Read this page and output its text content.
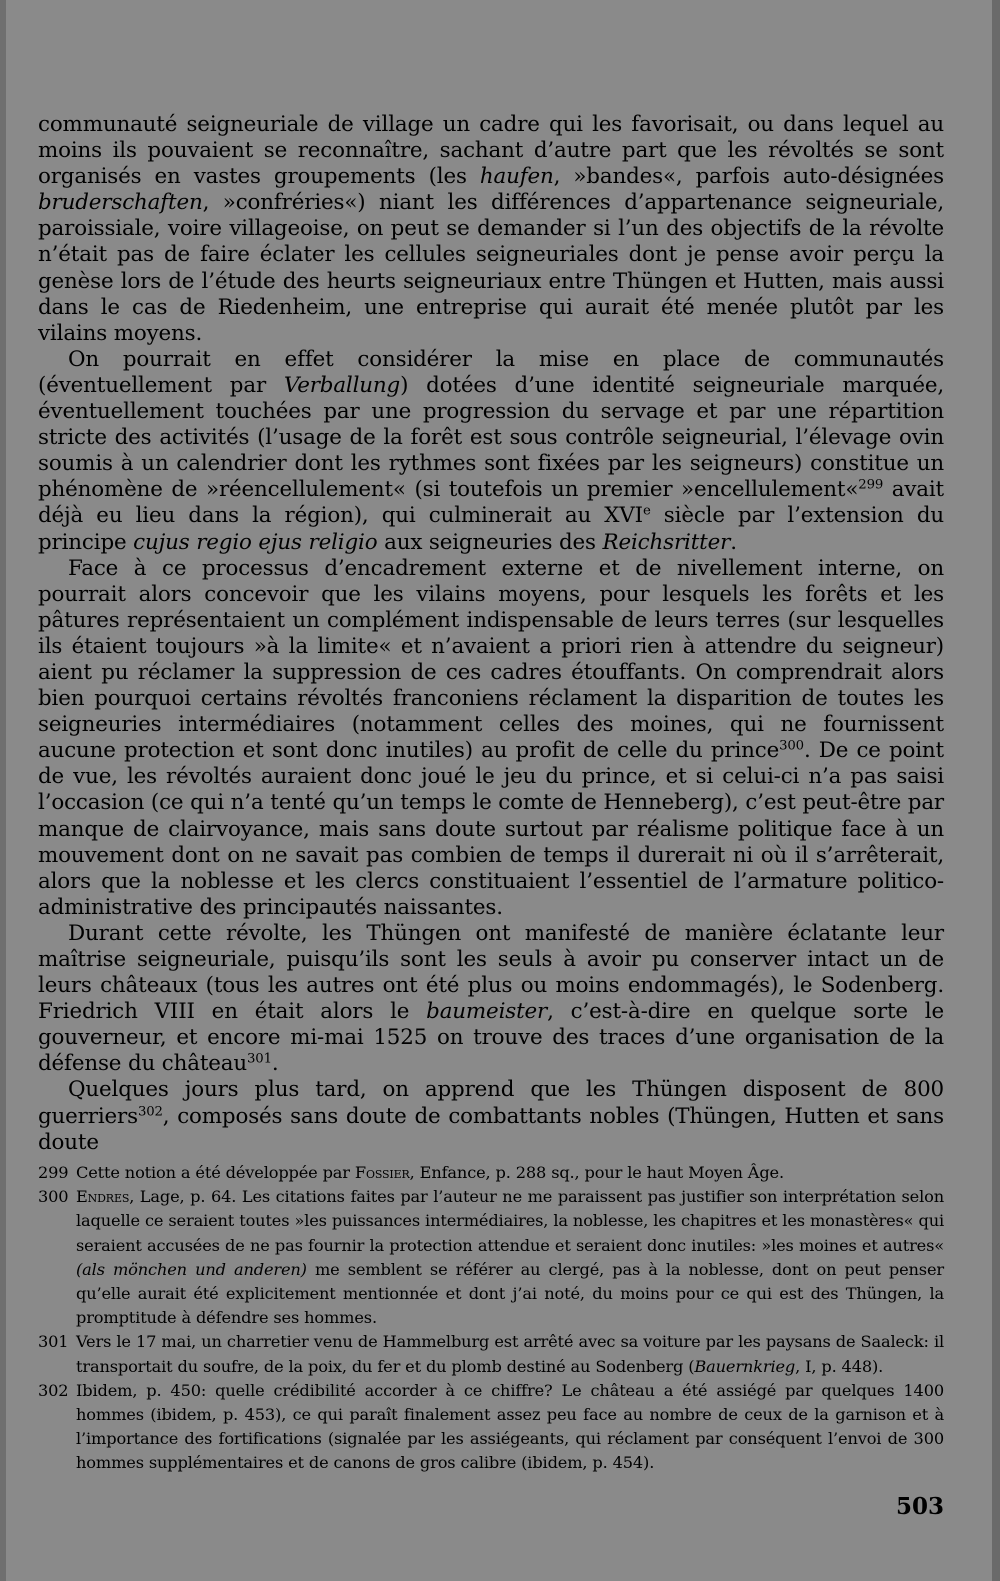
communauté seigneuriale de village un cadre qui les favorisait, ou dans lequel au moins ils pouvaient se reconnaître, sachant d’autre part que les révoltés se sont organisés en vastes groupements (les haufen, »bandes«, parfois auto-désignées bruderschaften, »confréries«) niant les différences d’appartenance seigneuriale, paroissiale, voire villageoise, on peut se demander si l’un des objectifs de la révolte n’était pas de faire éclater les cellules seigneuriales dont je pense avoir perçu la genèse lors de l’étude des heurts seigneuriaux entre Thüngen et Hutten, mais aussi dans le cas de Riedenheim, une entreprise qui aurait été menée plutôt par les vilains moyens.

On pourrait en effet considérer la mise en place de communautés (éventuellement par Verballung) dotées d’une identité seigneuriale marquée, éventuellement touchées par une progression du servage et par une répartition stricte des activités (l’usage de la forêt est sous contrôle seigneurial, l’élevage ovin soumis à un calendrier dont les rythmes sont fixées par les seigneurs) constitue un phénomène de »réencellulement« (si toutefois un premier »encellulement«$^{299}$ avait déjà eu lieu dans la région), qui culminerait au XVIe siècle par l’extension du principe cujus regio ejus religio aux seigneuries des Reichsritter.

Face à ce processus d’encadrement externe et de nivellement interne, on pourrait alors concevoir que les vilains moyens, pour lesquels les forêts et les pâtures représentaient un complément indispensable de leurs terres (sur lesquelles ils étaient toujours »à la limite« et n’avaient a priori rien à attendre du seigneur) aient pu réclamer la suppression de ces cadres étouffants. On comprendrait alors bien pourquoi certains révoltés franconiens réclament la disparition de toutes les seigneuries intermédiaires (notamment celles des moines, qui ne fournissent aucune protection et sont donc inutiles) au profit de celle du prince$^{300}$. De ce point de vue, les révoltés auraient donc joué le jeu du prince, et si celui-ci n’a pas saisi l’occasion (ce qui n’a tenté qu’un temps le comte de Henneberg), c’est peut-être par manque de clairvoyance, mais sans doute surtout par réalisme politique face à un mouvement dont on ne savait pas combien de temps il durerait ni où il s’arrêterait, alors que la noblesse et les clercs constituaient l’essentiel de l’armature politico-administrative des principautés naissantes.

Durant cette révolte, les Thüngen ont manifesté de manière éclatante leur maîtrise seigneuriale, puisqu’ils sont les seuls à avoir pu conserver intact un de leurs châteaux (tous les autres ont été plus ou moins endommagés), le Sodenberg. Friedrich VIII en était alors le baumeister, c’est-à-dire en quelque sorte le gouverneur, et encore mi-mai 1525 on trouve des traces d’une organisation de la défense du château$^{301}$.

Quelques jours plus tard, on apprend que les Thüngen disposent de 800 guerriers$^{302}$, composés sans doute de combattants nobles (Thüngen, Hutten et sans doute

299 Cette notion a été développée par Fossier, Enfance, p. 288 sq., pour le haut Moyen Âge.
300 Endres, Lage, p. 64. Les citations faites par l’auteur ne me paraissent pas justifier son interprétation selon laquelle ce seraient toutes »les puissances intermédiaires, la noblesse, les chapitres et les monastères« qui seraient accusées de ne pas fournir la protection attendue et seraient donc inutiles: »les moines et autres« (als mönchen und anderen) me semblent se référer au clergé, pas à la noblesse, dont on peut penser qu’elle aurait été explicitement mentionnée et dont j’ai noté, du moins pour ce qui est des Thüngen, la promptitude à défendre ses hommes.
301 Vers le 17 mai, un charretier venu de Hammelburg est arrêté avec sa voiture par les paysans de Saaleck: il transportait du soufre, de la poix, du fer et du plomb destiné au Sodenberg (Bauernkrieg, I, p. 448).
302 Ibidem, p. 450: quelle crédibilité accorder à ce chiffre? Le château a été assiégé par quelques 1400 hommes (ibidem, p. 453), ce qui paraît finalement assez peu face au nombre de ceux de la garnison et à l’importance des fortifications (signalée par les assiégeants, qui réclament par conséquent l’envoi de 300 hommes supplémentaires et de canons de gros calibre (ibidem, p. 454).
503
